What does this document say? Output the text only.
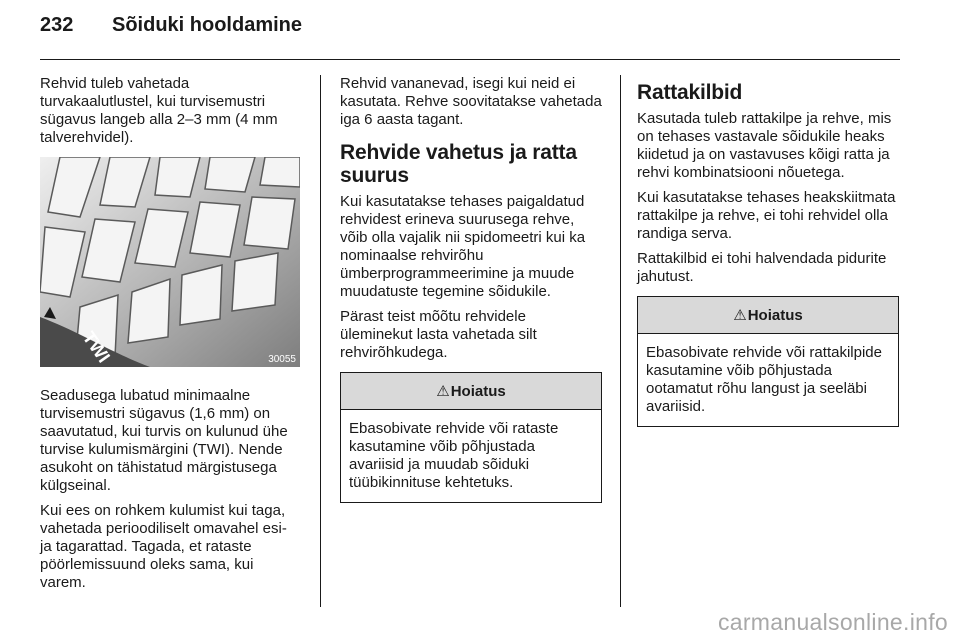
232	Sõiduki hooldamine

Rehvid tuleb vahetada turvakaalutlustel, kui turvisemustri sügavus langeb alla 2–3 mm (4 mm talverehvidel).

TWI	30055

Seadusega lubatud minimaalne turvisemustri sügavus (1,6 mm) on saavutatud, kui turvis on kulunud ühe turvise kulumismärgini (TWI). Nende asukoht on tähistatud märgistusega külgseinal.

Kui ees on rohkem kulumist kui taga, vahetada perioodiliselt omavahel esi- ja tagarattad. Tagada, et rataste pöörlemissuund oleks sama, kui varem.

Rehvid vananevad, isegi kui neid ei kasutata. Rehve soovitatakse vahetada iga 6 aasta tagant.

Rehvide vahetus ja ratta suurus

Kui kasutatakse tehases paigaldatud rehvidest erineva suurusega rehve, võib olla vajalik nii spidomeetri kui ka nominaalse rehvirõhu ümberprogrammeerimine ja muude muudatuste tegemine sõidukile.

Pärast teist mõõtu rehvidele üleminekut lasta vahetada silt rehvirõhkudega.

⚠ Hoiatus
Ebasobivate rehvide või rataste kasutamine võib põhjustada avariisid ja muudab sõiduki tüübikinnituse kehtetuks.
Rattakilbid

Kasutada tuleb rattakilpe ja rehve, mis on tehases vastavale sõidukile heaks kiidetud ja on vastavuses kõigi ratta ja rehvi kombinatsiooni nõuetega.

Kui kasutatakse tehases heakskiitmata rattakilpe ja rehve, ei tohi rehvidel olla randiga serva.

Rattakilbid ei tohi halvendada pidurite jahutust.

⚠ Hoiatus
Ebasobivate rehvide või rattakilpide kasutamine võib põhjustada ootamatut rõhu langust ja seeläbi avariisid.
carmanualsonline.info
